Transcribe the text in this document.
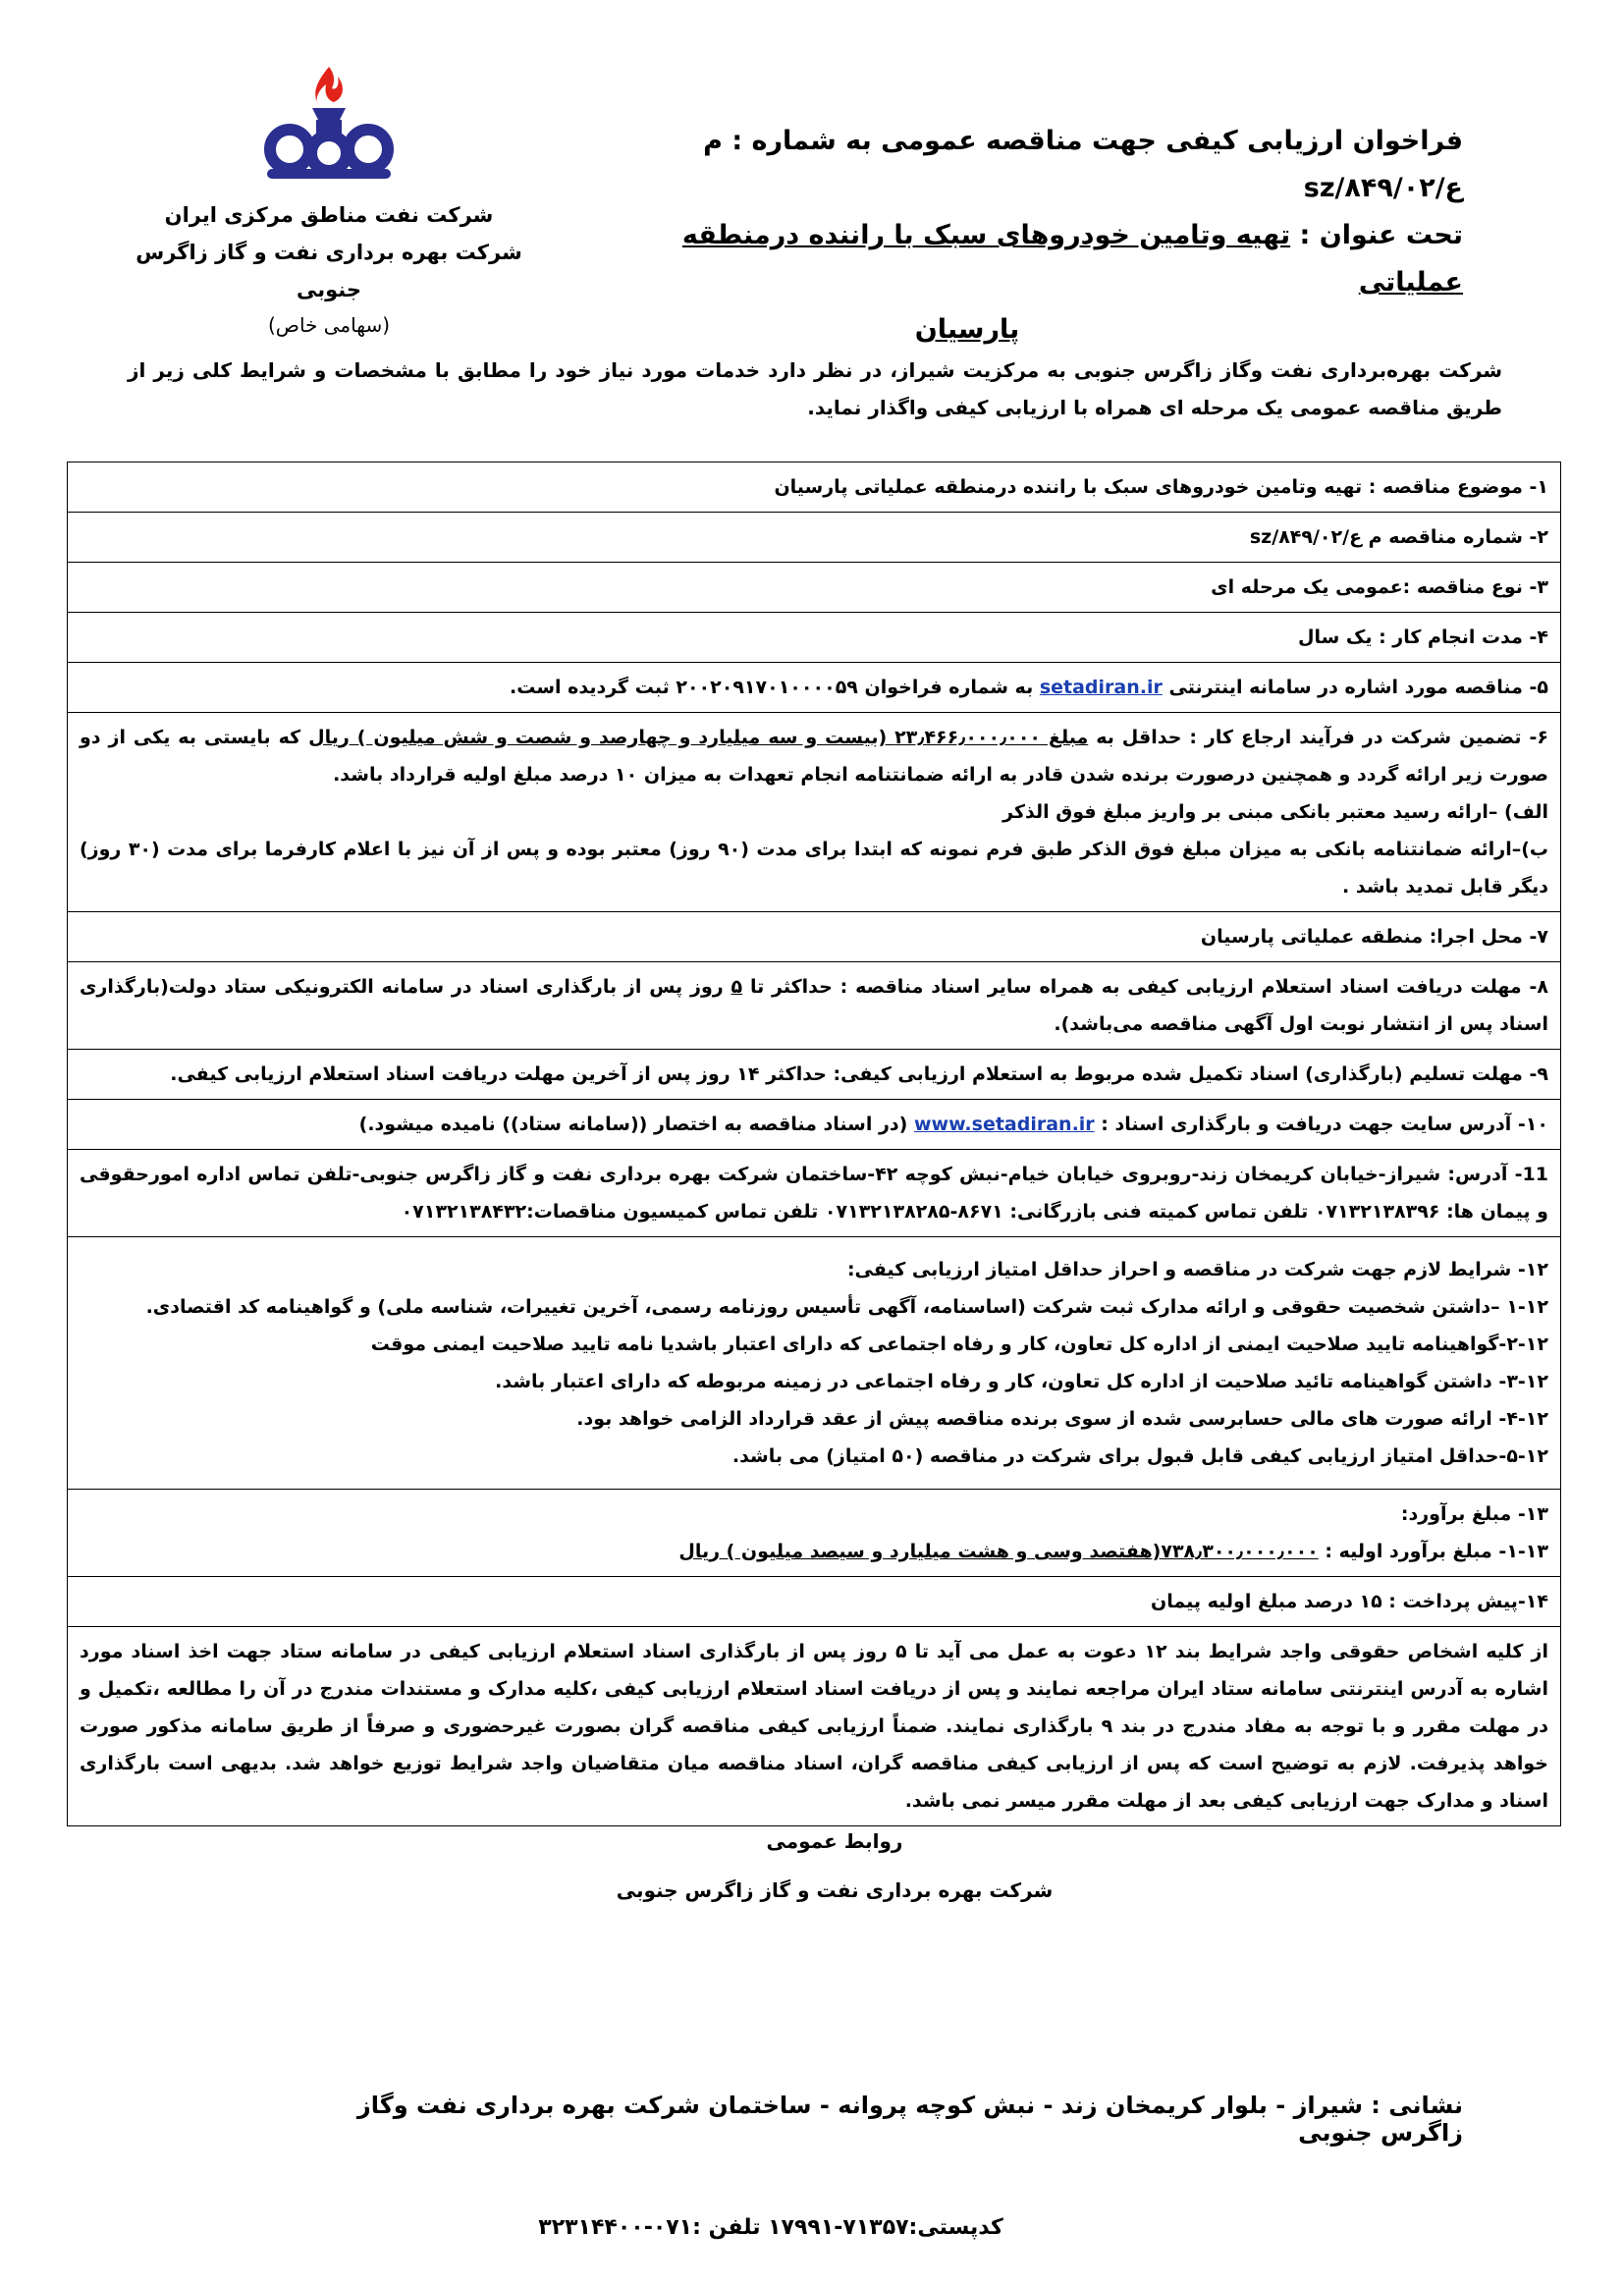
شرکت نفت مناطق مرکزی ایران
شرکت بهره برداری نفت و گاز زاگرس جنوبی
(سهامی خاص)
فراخوان ارزیابی کیفی جهت مناقصه عمومی به شماره : م ع/۸۴۹/۰۲/sz
تحت عنوان : تهیه وتامین خودروهای سبک با راننده درمنطقه عملیاتی
پارسیان
شرکت بهره‌برداری نفت وگاز زاگرس جنوبی به مرکزیت شیراز، در نظر دارد خدمات مورد نیاز خود را مطابق با مشخصات و شرایط کلی زیر از طریق مناقصه عمومی یک مرحله ای همراه با ارزیابی کیفی واگذار نماید.
۱- موضوع مناقصه : تهیه وتامین خودروهای سبک با راننده درمنطقه عملیاتی پارسیان
۲- شماره مناقصه م ع/۸۴۹/۰۲/sz
۳- نوع مناقصه :عمومی یک مرحله ای
۴- مدت انجام کار : یک سال
۵- مناقصه مورد اشاره در سامانه اینترنتی setadiran.ir به شماره فراخوان ۲۰۰۲۰۹۱۷۰۱۰۰۰۰۵۹ ثبت گردیده است.
۶- تضمین شرکت در فرآیند ارجاع کار : حداقل به مبلغ ۲۳٫۴۶۶٫۰۰۰٫۰۰۰ (بیست و سه میلیارد و چهارصد و شصت و شش میلیون ) ریال که بایستی به یکی از دو صورت زیر ارائه گردد و همچنین درصورت برنده شدن قادر به ارائه ضمانتنامه انجام تعهدات به میزان ۱۰ درصد مبلغ اولیه قرارداد باشد.
الف) –ارائه رسید معتبر بانکی مبنی بر واریز مبلغ فوق الذکر
ب)–ارائه ضمانتنامه بانکی به میزان مبلغ فوق الذکر طبق فرم نمونه که ابتدا برای مدت (۹۰ روز) معتبر بوده و پس از آن نیز با اعلام کارفرما برای مدت (۳۰ روز) دیگر قابل تمدید باشد .
۷- محل اجرا: منطقه عملیاتی پارسیان
۸- مهلت دریافت اسناد استعلام ارزیابی کیفی به همراه سایر اسناد مناقصه : حداکثر تا ۵ روز پس از بارگذاری اسناد در سامانه الکترونیکی ستاد دولت(بارگذاری اسناد پس از انتشار نوبت اول آگهی مناقصه می‌باشد).
۹- مهلت تسلیم (بارگذاری) اسناد تکمیل شده مربوط به استعلام ارزیابی کیفی: حداکثر ۱۴ روز پس از آخرین مهلت دریافت اسناد استعلام ارزیابی کیفی.
۱۰- آدرس سایت جهت دریافت و بارگذاری اسناد : www.setadiran.ir (در اسناد مناقصه به اختصار ((سامانه ستاد)) نامیده میشود.)
11- آدرس: شیراز-خیابان کریمخان زند-روبروی خیابان خیام-نبش کوچه ۴۲-ساختمان شرکت بهره برداری نفت و گاز زاگرس جنوبی-تلفن تماس اداره امورحقوقی و پیمان ها: ۰۷۱۳۲۱۳۸۳۹۶ تلفن تماس کمیته فنی بازرگانی: ۸۶۷۱-۰۷۱۳۲۱۳۸۲۸۵ تلفن تماس کمیسیون مناقصات:۰۷۱۳۲۱۳۸۴۳۲

۱۲- شرایط لازم جهت شرکت در مناقصه و احراز حداقل امتیاز ارزیابی کیفی:
۱-۱۲ –داشتن شخصیت حقوقی و ارائه مدارک ثبت شرکت (اساسنامه، آگهی تأسیس روزنامه رسمی، آخرین تغییرات، شناسه ملی) و گواهینامه کد اقتصادی.
۲-۱۲-گواهینامه تایید صلاحیت ایمنی از اداره کل تعاون، کار و رفاه اجتماعی که دارای اعتبار باشدیا نامه تایید صلاحیت ایمنی موقت
۳-۱۲- داشتن گواهینامه تائید صلاحیت از اداره کل تعاون، کار و رفاه اجتماعی در زمینه مربوطه که دارای اعتبار باشد.
۴-۱۲- ارائه صورت های مالی حسابرسی شده از سوی برنده مناقصه پیش از عقد قرارداد الزامی خواهد بود.
۵-۱۲-حداقل امتیاز ارزیابی کیفی قابل قبول برای شرکت در مناقصه (۵۰ امتیاز) می باشد.

۱۳- مبلغ برآورد:
۱-۱۳- مبلغ برآورد اولیه : ۷۳۸٫۳۰۰٫۰۰۰٫۰۰۰(هفتصد وسی و هشت میلیارد و سیصد میلیون ) ریال

۱۴-پیش پرداخت : ۱۵ درصد مبلغ اولیه پیمان
از کلیه اشخاص حقوقی واجد شرایط بند ۱۲ دعوت به عمل می آید تا ۵ روز پس از بارگذاری اسناد استعلام ارزیابی کیفی در سامانه ستاد جهت اخذ اسناد مورد اشاره به آدرس اینترنتی سامانه ستاد ایران مراجعه نمایند و پس از دریافت اسناد استعلام ارزیابی کیفی ،کلیه مدارک و مستندات مندرج در آن را مطالعه ،تکمیل و در مهلت مقرر و با توجه به مفاد مندرج در بند ۹ بارگذاری نمایند. ضمناً ارزیابی کیفی مناقصه گران بصورت غیرحضوری و صرفاً از طریق سامانه مذکور صورت خواهد پذیرفت. لازم به توضیح است که پس از ارزیابی کیفی مناقصه گران، اسناد مناقصه میان متقاضیان واجد شرایط توزیع خواهد شد. بدیهی است بارگذاری اسناد و مدارک جهت ارزیابی کیفی بعد از مهلت مقرر میسر نمی باشد.
روابط عمومی
شرکت بهره برداری نفت و گاز زاگرس جنوبی
نشانی : شیراز - بلوار کریمخان زند - نبش کوچه پروانه - ساختمان شرکت بهره برداری نفت وگاز زاگرس جنوبی
کدپستی:۷۱۳۵۷-۱۷۹۹۱ تلفن :۰۷۱-۳۲۳۱۴۴۰۰
